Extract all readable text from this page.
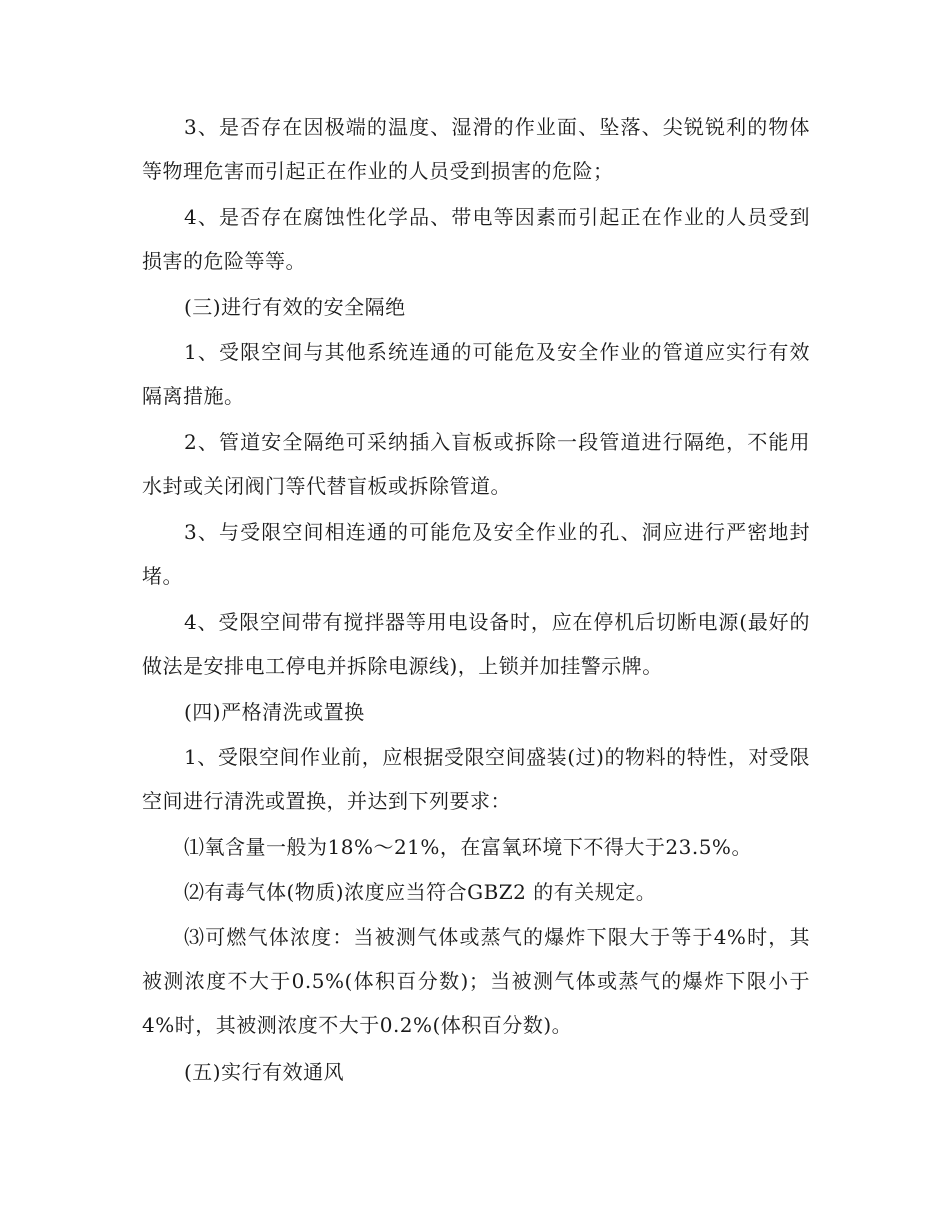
3、是否存在因极端的温度、湿滑的作业面、坠落、尖锐锐利的物体等物理危害而引起正在作业的人员受到损害的危险；

4、是否存在腐蚀性化学品、带电等因素而引起正在作业的人员受到损害的危险等等。

(三)进行有效的安全隔绝

1、受限空间与其他系统连通的可能危及安全作业的管道应实行有效隔离措施。

2、管道安全隔绝可采纳插入盲板或拆除一段管道进行隔绝，不能用水封或关闭阀门等代替盲板或拆除管道。

3、与受限空间相连通的可能危及安全作业的孔、洞应进行严密地封堵。

4、受限空间带有搅拌器等用电设备时，应在停机后切断电源(最好的做法是安排电工停电并拆除电源线)，上锁并加挂警示牌。

(四)严格清洗或置换

1、受限空间作业前，应根据受限空间盛装(过)的物料的特性，对受限空间进行清洗或置换，并达到下列要求：

⑴氧含量一般为18%～21%，在富氧环境下不得大于23.5%。

⑵有毒气体(物质)浓度应当符合GBZ2 的有关规定。

⑶可燃气体浓度：当被测气体或蒸气的爆炸下限大于等于4%时，其被测浓度不大于0.5%(体积百分数)；当被测气体或蒸气的爆炸下限小于4%时，其被测浓度不大于0.2%(体积百分数)。

(五)实行有效通风
